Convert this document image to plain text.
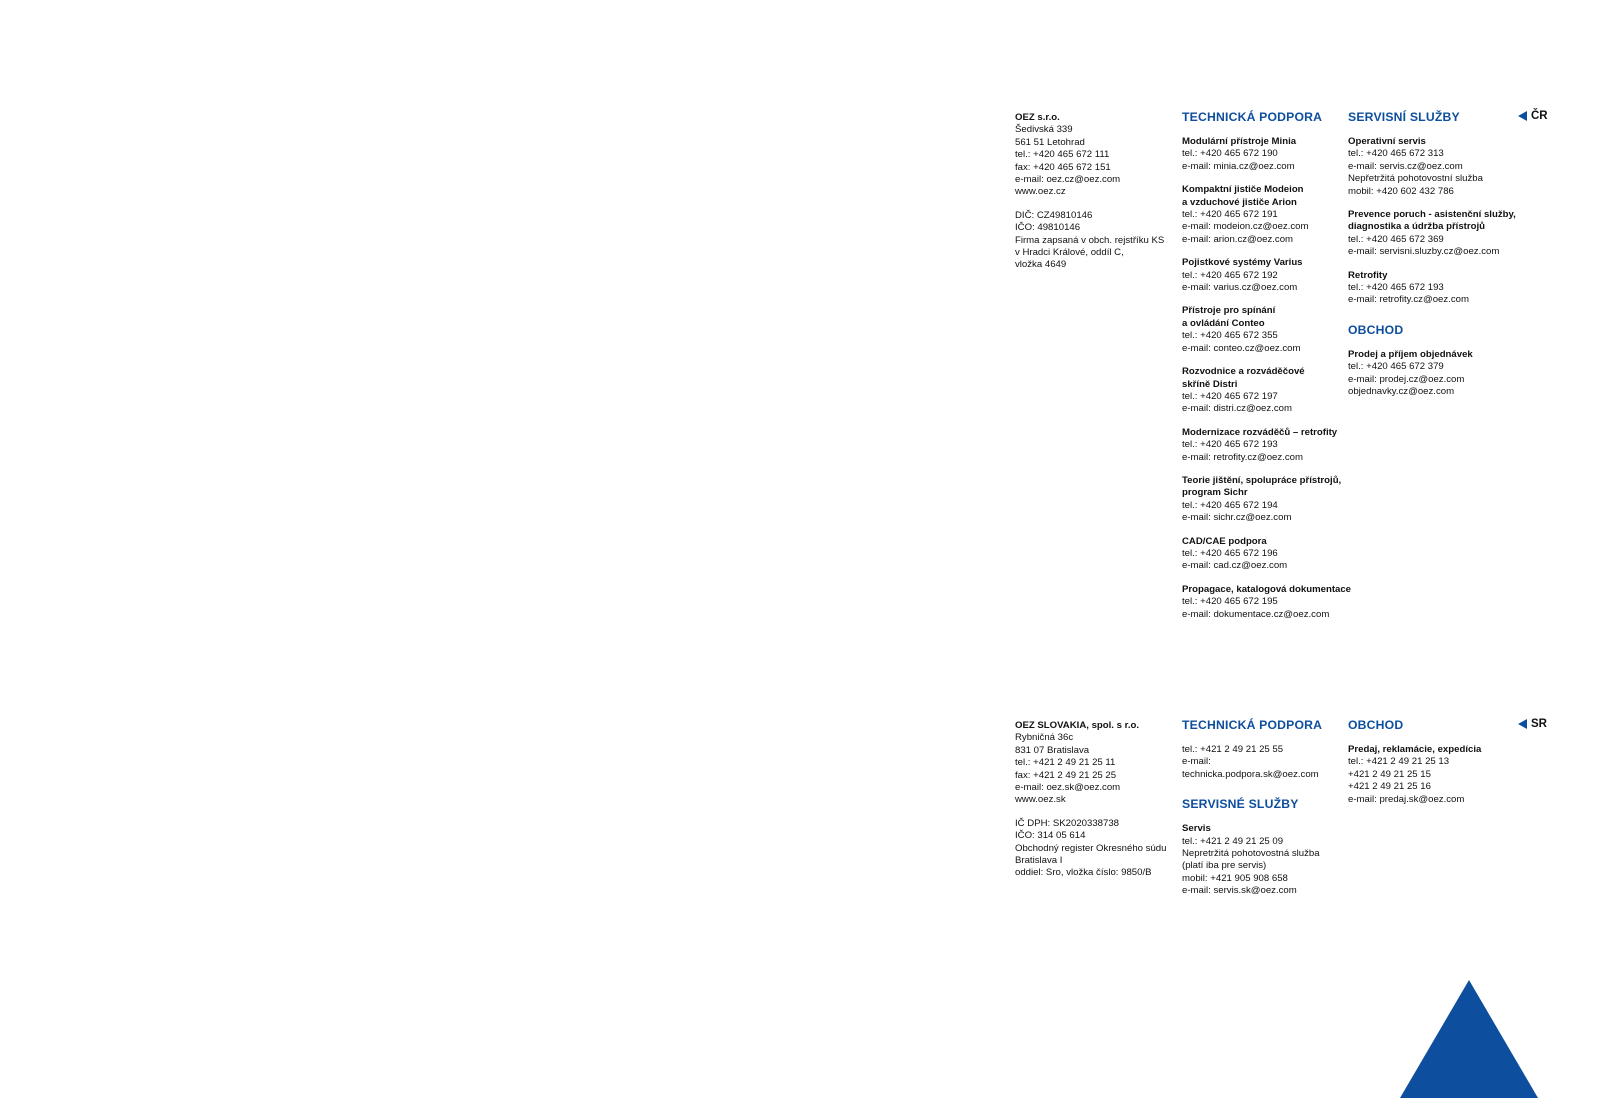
OEZ s.r.o.
Šedivská 339
561 51 Letohrad
tel.: +420 465 672 111
fax: +420 465 672 151
e-mail: oez.cz@oez.com
www.oez.cz
DIČ: CZ49810146
IČO: 49810146
Firma zapsaná v obch. rejstříku KS
v Hradci Králové, oddíl C,
vložka 4649
TECHNICKÁ PODPORA
Modulární přístroje Minia
tel.: +420 465 672 190
e-mail: minia.cz@oez.com
Kompaktní jističe Modeion
a vzduchové jističe Arion
tel.: +420 465 672 191
e-mail: modeion.cz@oez.com
e-mail: arion.cz@oez.com
Pojistkové systémy Varius
tel.: +420 465 672 192
e-mail: varius.cz@oez.com
Přístroje pro spínání
a ovládání Conteo
tel.: +420 465 672 355
e-mail: conteo.cz@oez.com
Rozvodnice a rozváděčové
skříně Distri
tel.: +420 465 672 197
e-mail: distri.cz@oez.com
Modernizace rozváděčů – retrofity
tel.: +420 465 672 193
e-mail: retrofity.cz@oez.com
Teorie jištění, spolupráce přístrojů,
program Sichr
tel.: +420 465 672 194
e-mail: sichr.cz@oez.com
CAD/CAE podpora
tel.: +420 465 672 196
e-mail: cad.cz@oez.com
Propagace, katalogová dokumentace
tel.: +420 465 672 195
e-mail: dokumentace.cz@oez.com
SERVISNÍ SLUŽBY
Operativní servis
tel.: +420 465 672 313
e-mail: servis.cz@oez.com
Nepřetržitá pohotovostní služba
mobil: +420 602 432 786
Prevence poruch - asistenční služby,
diagnostika a údržba přístrojů
tel.: +420 465 672 369
e-mail: servisni.sluzby.cz@oez.com
Retrofity
tel.: +420 465 672 193
e-mail: retrofity.cz@oez.com
OBCHOD
Prodej a příjem objednávek
tel.: +420 465 672 379
e-mail: prodej.cz@oez.com
objednavky.cz@oez.com
ČR
OEZ SLOVAKIA, spol. s r.o.
Rybničná 36c
831 07 Bratislava
tel.: +421 2 49 21 25 11
fax: +421 2 49 21 25 25
e-mail: oez.sk@oez.com
www.oez.sk
IČ DPH: SK2020338738
IČO: 314 05 614
Obchodný register Okresného súdu
Bratislava I
oddiel: Sro, vložka číslo: 9850/B
TECHNICKÁ PODPORA
tel.: +421 2 49 21 25 55
e-mail:
technicka.podpora.sk@oez.com
SERVISNÉ SLUŽBY
Servis
tel.: +421 2 49 21 25 09
Nepretržitá pohotovostná služba
(platí iba pre servis)
mobil: +421 905 908 658
e-mail: servis.sk@oez.com
OBCHOD
Predaj, reklamácie, expedícia
tel.: +421 2 49 21 25 13
+421 2 49 21 25 15
+421 2 49 21 25 16
e-mail: predaj.sk@oez.com
SR
